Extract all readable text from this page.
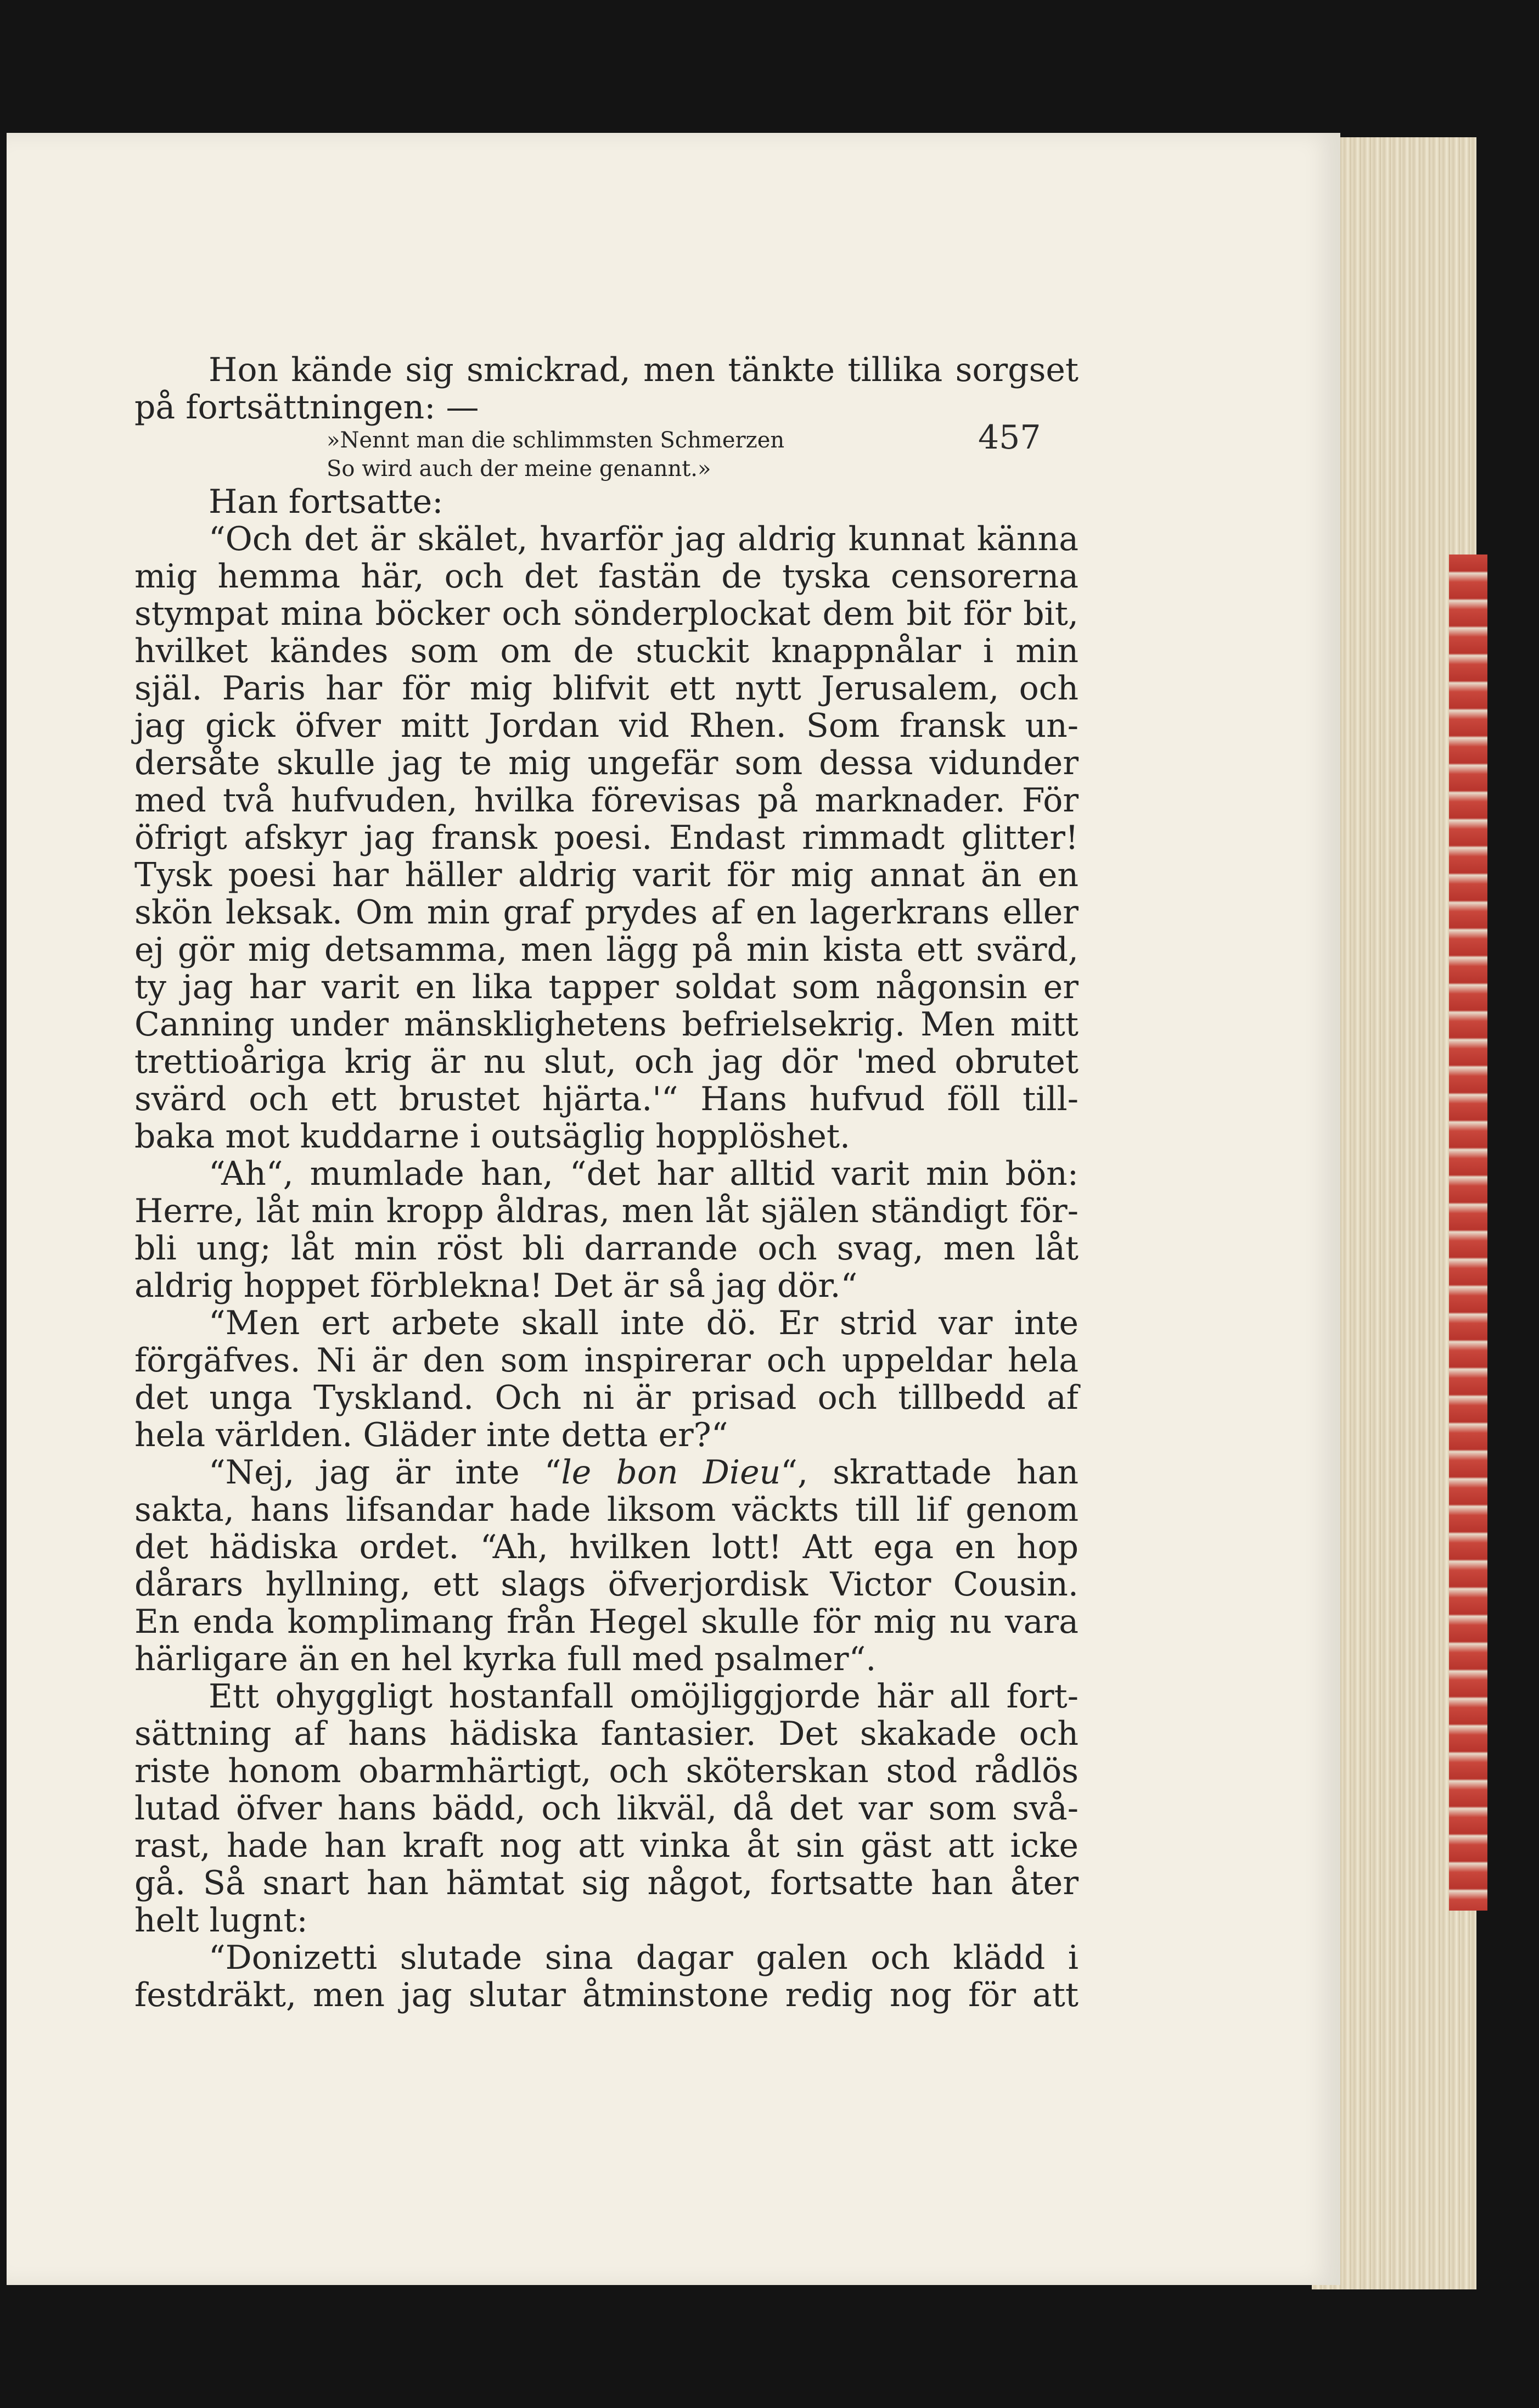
457
Hon kände sig smickrad, men tänkte tillika sorgset
på fortsättningen: —
»Nennt man die schlimmsten Schmerzen
So wird auch der meine genannt.»
Han fortsatte:
“Och det är skälet, hvarför jag aldrig kunnat känna
mig hemma här, och det fastän de tyska censorerna
stympat mina böcker och sönderplockat dem bit för bit,
hvilket kändes som om de stuckit knappnålar i min
själ. Paris har för mig blifvit ett nytt Jerusalem, och
jag gick öfver mitt Jordan vid Rhen. Som fransk un-
dersåte skulle jag te mig ungefär som dessa vidunder
med två hufvuden, hvilka förevisas på marknader. För
öfrigt afskyr jag fransk poesi. Endast rimmadt glitter!
Tysk poesi har häller aldrig varit för mig annat än en
skön leksak. Om min graf prydes af en lagerkrans eller
ej gör mig detsamma, men lägg på min kista ett svärd,
ty jag har varit en lika tapper soldat som någonsin er
Canning under mänsklighetens befrielsekrig. Men mitt
trettioåriga krig är nu slut, och jag dör 'med obrutet
svärd och ett brustet hjärta.'“ Hans hufvud föll till-
baka mot kuddarne i outsäglig hopplöshet.
“Ah“, mumlade han, “det har alltid varit min bön:
Herre, låt min kropp åldras, men låt själen ständigt för-
bli ung; låt min röst bli darrande och svag, men låt
aldrig hoppet förblekna! Det är så jag dör.“
“Men ert arbete skall inte dö. Er strid var inte
förgäfves. Ni är den som inspirerar och uppeldar hela
det unga Tyskland. Och ni är prisad och tillbedd af
hela världen. Gläder inte detta er?“
“Nej, jag är inte “le bon Dieu“, skrattade han
sakta, hans lifsandar hade liksom väckts till lif genom
det hädiska ordet. “Ah, hvilken lott! Att ega en hop
dårars hyllning, ett slags öfverjordisk Victor Cousin.
En enda komplimang från Hegel skulle för mig nu vara
härligare än en hel kyrka full med psalmer“.
Ett ohyggligt hostanfall omöjliggjorde här all fort-
sättning af hans hädiska fantasier. Det skakade och
riste honom obarmhärtigt, och sköterskan stod rådlös
lutad öfver hans bädd, och likväl, då det var som svå-
rast, hade han kraft nog att vinka åt sin gäst att icke
gå. Så snart han hämtat sig något, fortsatte han åter
helt lugnt:
“Donizetti slutade sina dagar galen och klädd i
festdräkt, men jag slutar åtminstone redig nog för att
